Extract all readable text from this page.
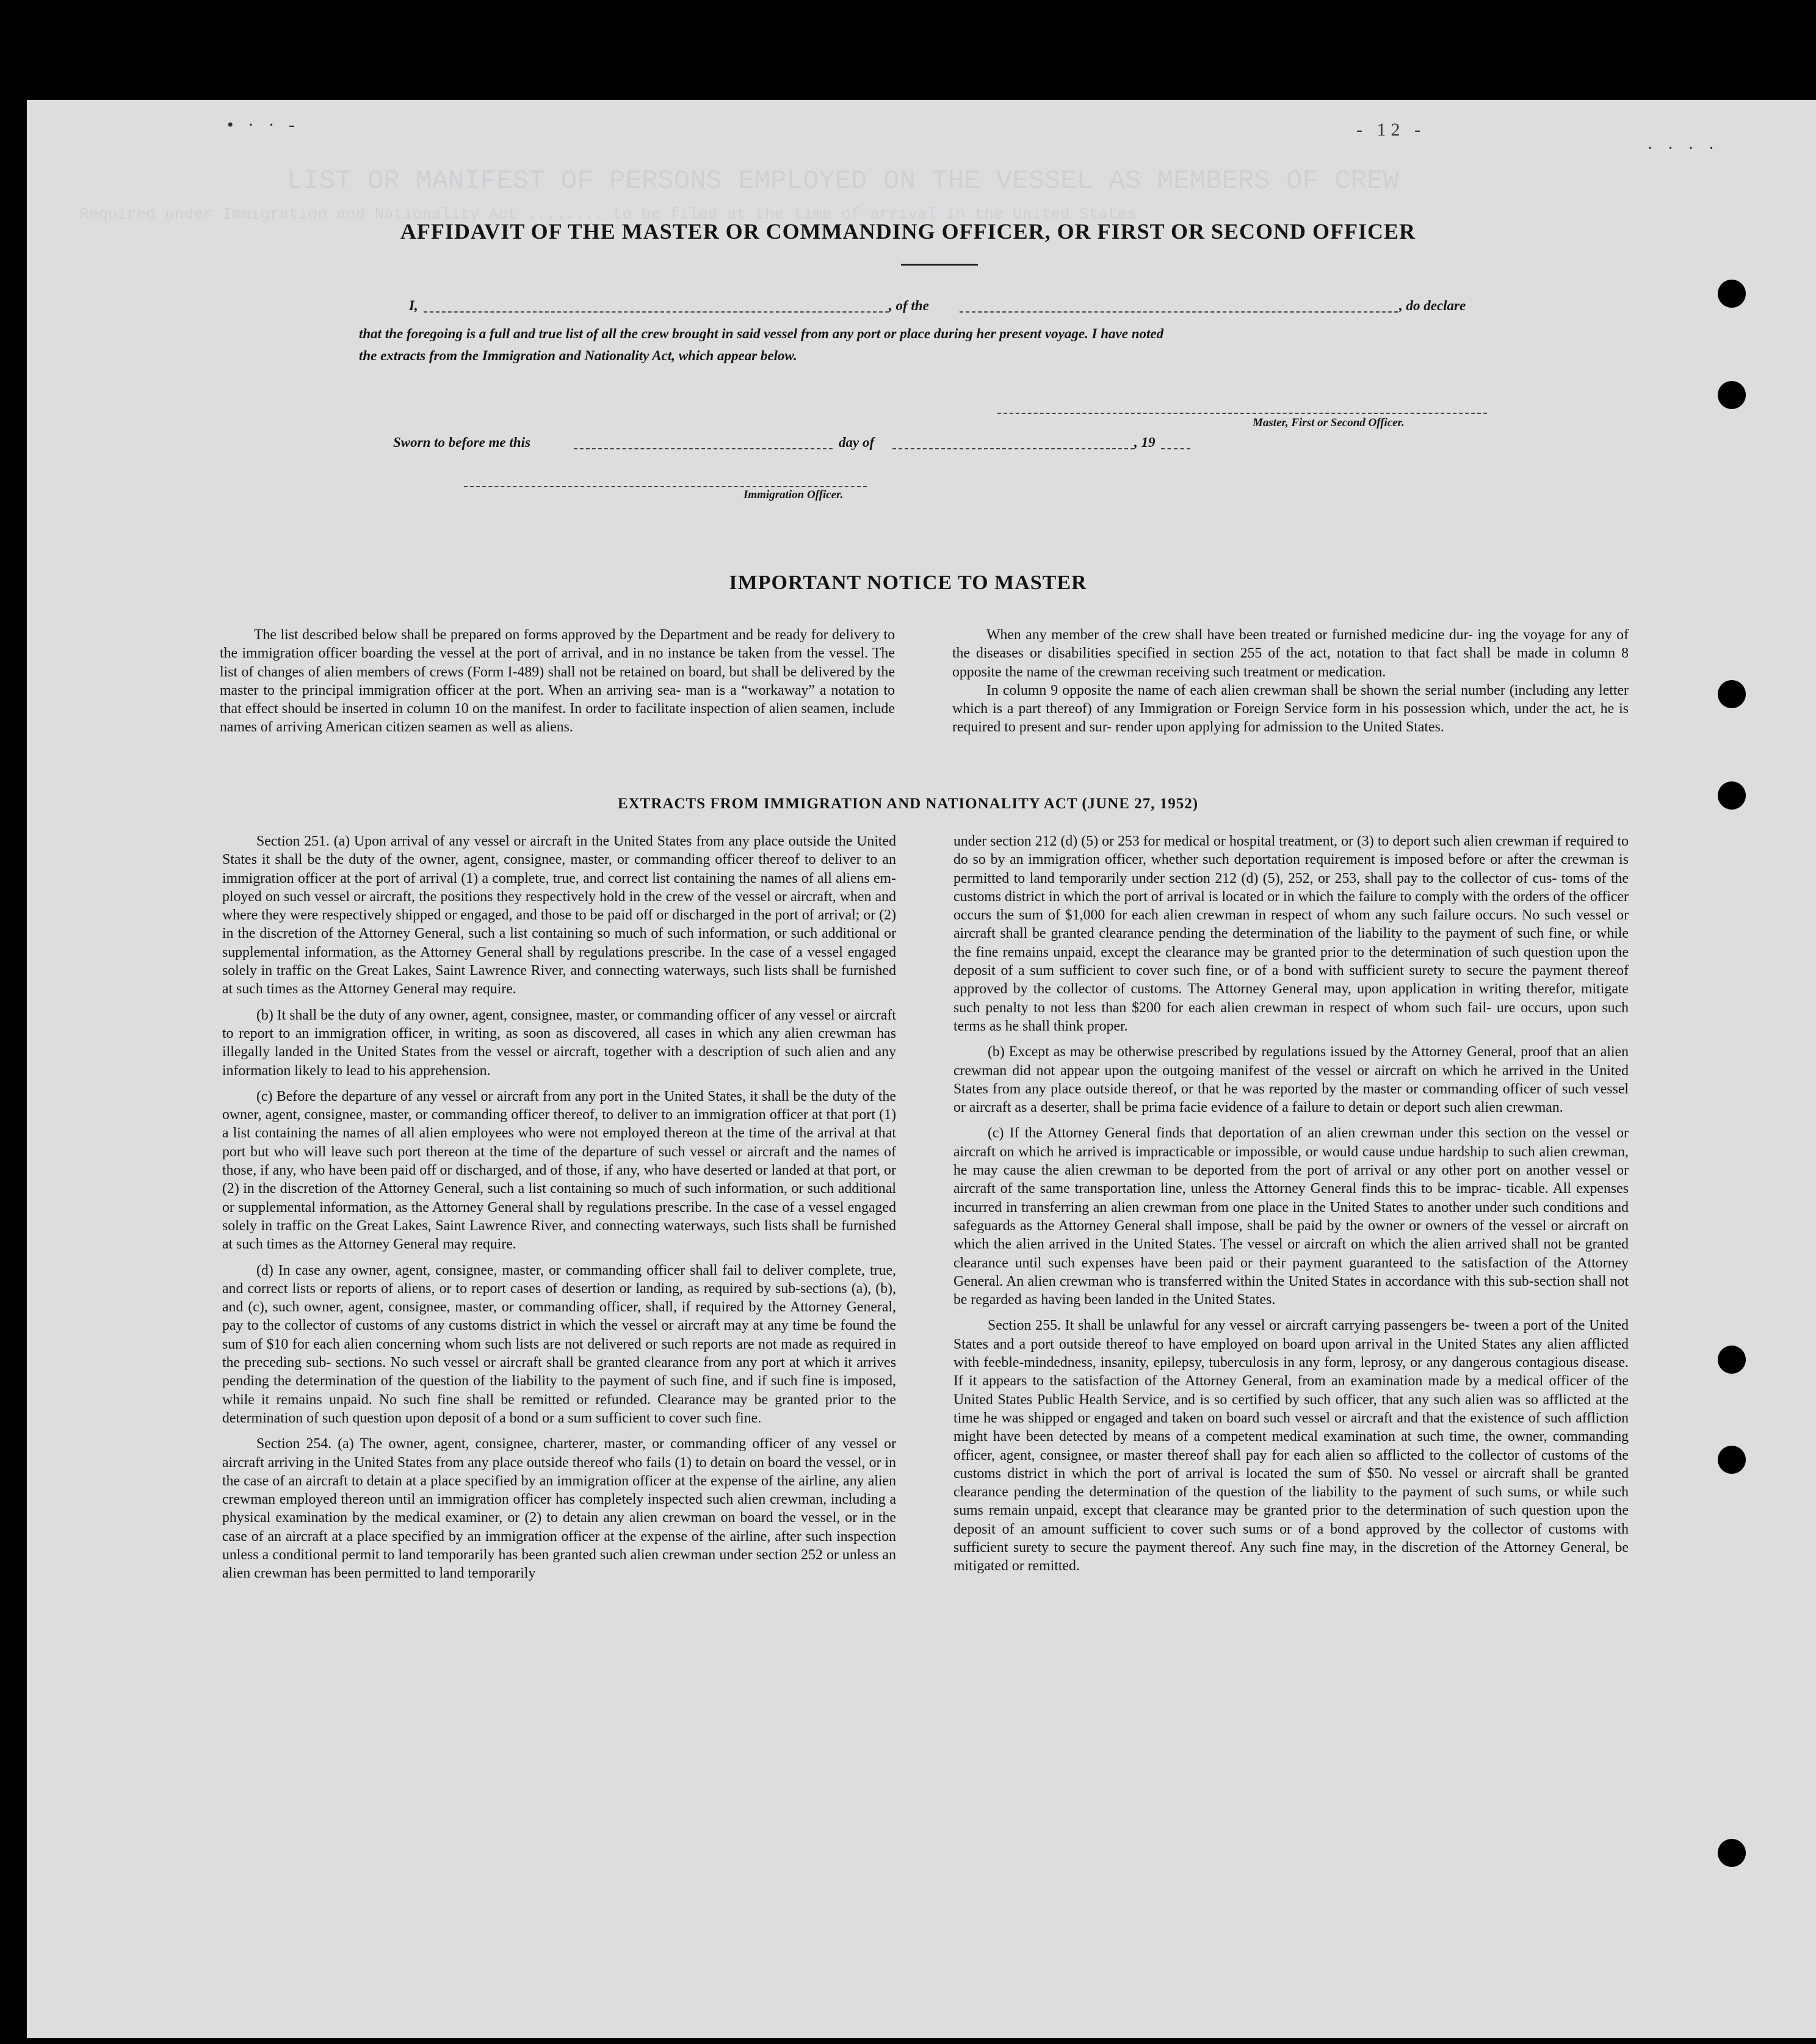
LIST OR MANIFEST OF PERSONS EMPLOYED ON THE VESSEL AS MEMBERS OF CREW
Required under Immigration and Nationality Act ........ to be filed at the time of arrival in the United States
• · · -	- 12 -
· · · ·
AFFIDAVIT OF THE MASTER OR COMMANDING OFFICER, OR FIRST OR SECOND OFFICER
I,	, of the	, do declare
that the foregoing is a full and true list of all the crew brought in said vessel from any port or place during her present voyage. I have noted
the extracts from the Immigration and Nationality Act, which appear below.
Master, First or Second Officer.
Sworn to before me this	day of	, 19
Immigration Officer.
IMPORTANT NOTICE TO MASTER

The list described below shall be prepared on forms approved by the Department and be ready for delivery to the immigration officer boarding the vessel at the port of arrival, and in no instance be taken from the vessel. The list of changes of alien members of crews (Form I-489) shall not be retained on board, but shall be delivered by the master to the principal immigration officer at the port. When an arriving sea- man is a “workaway” a notation to that effect should be inserted in column 10 on the manifest. In order to facilitate inspection of alien seamen, include names of arriving American citizen seamen as well as aliens.

When any member of the crew shall have been treated or furnished medicine dur- ing the voyage for any of the diseases or disabilities specified in section 255 of the act, notation to that fact shall be made in column 8 opposite the name of the crewman receiving such treatment or medication.

In column 9 opposite the name of each alien crewman shall be shown the serial number (including any letter which is a part thereof) of any Immigration or Foreign Service form in his possession which, under the act, he is required to present and sur- render upon applying for admission to the United States.

EXTRACTS FROM IMMIGRATION AND NATIONALITY ACT (JUNE 27, 1952)

Section 251. (a) Upon arrival of any vessel or aircraft in the United States from any place outside the United States it shall be the duty of the owner, agent, consignee, master, or commanding officer thereof to deliver to an immigration officer at the port of arrival (1) a complete, true, and correct list containing the names of all aliens em- ployed on such vessel or aircraft, the positions they respectively hold in the crew of the vessel or aircraft, when and where they were respectively shipped or engaged, and those to be paid off or discharged in the port of arrival; or (2) in the discretion of the Attorney General, such a list containing so much of such information, or such additional or supplemental information, as the Attorney General shall by regulations prescribe. In the case of a vessel engaged solely in traffic on the Great Lakes, Saint Lawrence River, and connecting waterways, such lists shall be furnished at such times as the Attorney General may require.

(b) It shall be the duty of any owner, agent, consignee, master, or commanding officer of any vessel or aircraft to report to an immigration officer, in writing, as soon as discovered, all cases in which any alien crewman has illegally landed in the United States from the vessel or aircraft, together with a description of such alien and any information likely to lead to his apprehension.

(c) Before the departure of any vessel or aircraft from any port in the United States, it shall be the duty of the owner, agent, consignee, master, or commanding officer thereof, to deliver to an immigration officer at that port (1) a list containing the names of all alien employees who were not employed thereon at the time of the arrival at that port but who will leave such port thereon at the time of the departure of such vessel or aircraft and the names of those, if any, who have been paid off or discharged, and of those, if any, who have deserted or landed at that port, or (2) in the discretion of the Attorney General, such a list containing so much of such information, or such additional or supplemental information, as the Attorney General shall by regulations prescribe. In the case of a vessel engaged solely in traffic on the Great Lakes, Saint Lawrence River, and connecting waterways, such lists shall be furnished at such times as the Attorney General may require.

(d) In case any owner, agent, consignee, master, or commanding officer shall fail to deliver complete, true, and correct lists or reports of aliens, or to report cases of desertion or landing, as required by sub-sections (a), (b), and (c), such owner, agent, consignee, master, or commanding officer, shall, if required by the Attorney General, pay to the collector of customs of any customs district in which the vessel or aircraft may at any time be found the sum of $10 for each alien concerning whom such lists are not delivered or such reports are not made as required in the preceding sub- sections. No such vessel or aircraft shall be granted clearance from any port at which it arrives pending the determination of the question of the liability to the payment of such fine, and if such fine is imposed, while it remains unpaid. No such fine shall be remitted or refunded. Clearance may be granted prior to the determination of such question upon deposit of a bond or a sum sufficient to cover such fine.

Section 254. (a) The owner, agent, consignee, charterer, master, or commanding officer of any vessel or aircraft arriving in the United States from any place outside thereof who fails (1) to detain on board the vessel, or in the case of an aircraft to detain at a place specified by an immigration officer at the expense of the airline, any alien crewman employed thereon until an immigration officer has completely inspected such alien crewman, including a physical examination by the medical examiner, or (2) to detain any alien crewman on board the vessel, or in the case of an aircraft at a place specified by an immigration officer at the expense of the airline, after such inspection unless a conditional permit to land temporarily has been granted such alien crewman under section 252 or unless an alien crewman has been permitted to land temporarily

under section 212 (d) (5) or 253 for medical or hospital treatment, or (3) to deport such alien crewman if required to do so by an immigration officer, whether such deportation requirement is imposed before or after the crewman is permitted to land temporarily under section 212 (d) (5), 252, or 253, shall pay to the collector of cus- toms of the customs district in which the port of arrival is located or in which the failure to comply with the orders of the officer occurs the sum of $1,000 for each alien crewman in respect of whom any such failure occurs. No such vessel or aircraft shall be granted clearance pending the determination of the liability to the payment of such fine, or while the fine remains unpaid, except the clearance may be granted prior to the determination of such question upon the deposit of a sum sufficient to cover such fine, or of a bond with sufficient surety to secure the payment thereof approved by the collector of customs. The Attorney General may, upon application in writing therefor, mitigate such penalty to not less than $200 for each alien crewman in respect of whom such fail- ure occurs, upon such terms as he shall think proper.

(b) Except as may be otherwise prescribed by regulations issued by the Attorney General, proof that an alien crewman did not appear upon the outgoing manifest of the vessel or aircraft on which he arrived in the United States from any place outside thereof, or that he was reported by the master or commanding officer of such vessel or aircraft as a deserter, shall be prima facie evidence of a failure to detain or deport such alien crewman.

(c) If the Attorney General finds that deportation of an alien crewman under this section on the vessel or aircraft on which he arrived is impracticable or impossible, or would cause undue hardship to such alien crewman, he may cause the alien crewman to be deported from the port of arrival or any other port on another vessel or aircraft of the same transportation line, unless the Attorney General finds this to be imprac- ticable. All expenses incurred in transferring an alien crewman from one place in the United States to another under such conditions and safeguards as the Attorney General shall impose, shall be paid by the owner or owners of the vessel or aircraft on which the alien arrived in the United States. The vessel or aircraft on which the alien arrived shall not be granted clearance until such expenses have been paid or their payment guaranteed to the satisfaction of the Attorney General. An alien crewman who is transferred within the United States in accordance with this sub-section shall not be regarded as having been landed in the United States.

Section 255. It shall be unlawful for any vessel or aircraft carrying passengers be- tween a port of the United States and a port outside thereof to have employed on board upon arrival in the United States any alien afflicted with feeble-mindedness, insanity, epilepsy, tuberculosis in any form, leprosy, or any dangerous contagious disease. If it appears to the satisfaction of the Attorney General, from an examination made by a medical officer of the United States Public Health Service, and is so certified by such officer, that any such alien was so afflicted at the time he was shipped or engaged and taken on board such vessel or aircraft and that the existence of such affliction might have been detected by means of a competent medical examination at such time, the owner, commanding officer, agent, consignee, or master thereof shall pay for each alien so afflicted to the collector of customs of the customs district in which the port of arrival is located the sum of $50. No vessel or aircraft shall be granted clearance pending the determination of the question of the liability to the payment of such sums, or while such sums remain unpaid, except that clearance may be granted prior to the determination of such question upon the deposit of an amount sufficient to cover such sums or of a bond approved by the collector of customs with sufficient surety to secure the payment thereof. Any such fine may, in the discretion of the Attorney General, be mitigated or remitted.
